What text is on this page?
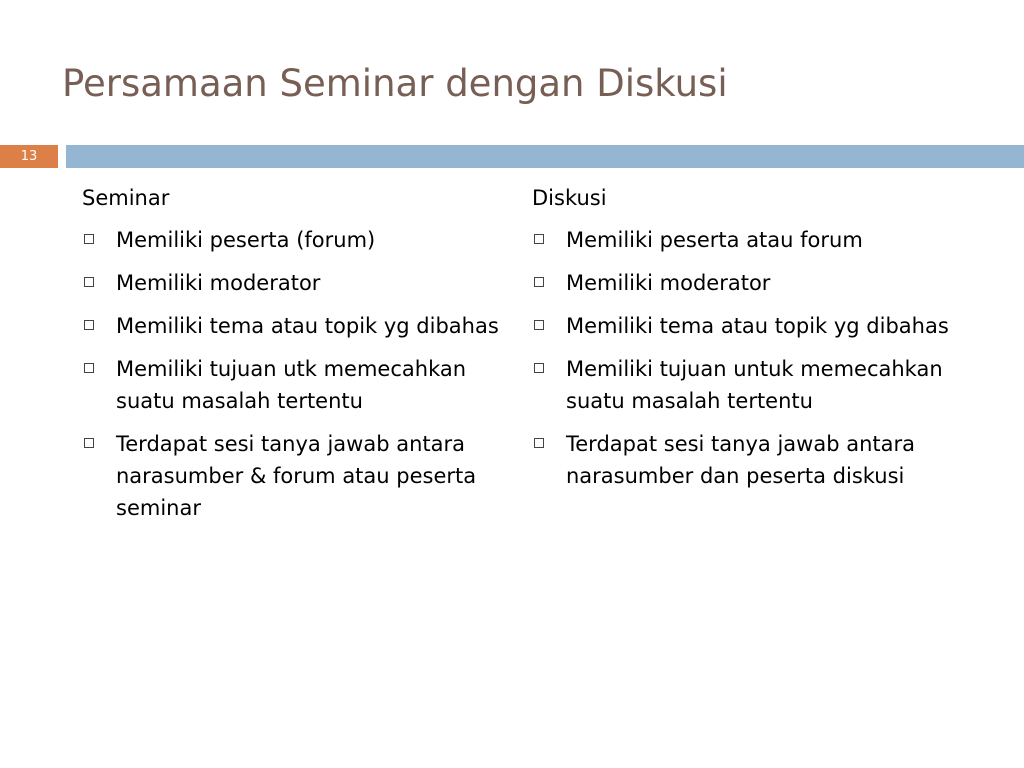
Persamaan Seminar dengan Diskusi
13
Seminar
Memiliki peserta (forum)
Memiliki moderator
Memiliki tema atau topik yg dibahas
Memiliki tujuan utk memecahkan suatu masalah tertentu
Terdapat sesi tanya jawab antara narasumber & forum atau peserta seminar
Diskusi
Memiliki peserta atau forum
Memiliki moderator
Memiliki tema atau topik yg dibahas
Memiliki tujuan untuk memecahkan suatu masalah tertentu
Terdapat sesi tanya jawab antara narasumber dan peserta diskusi
